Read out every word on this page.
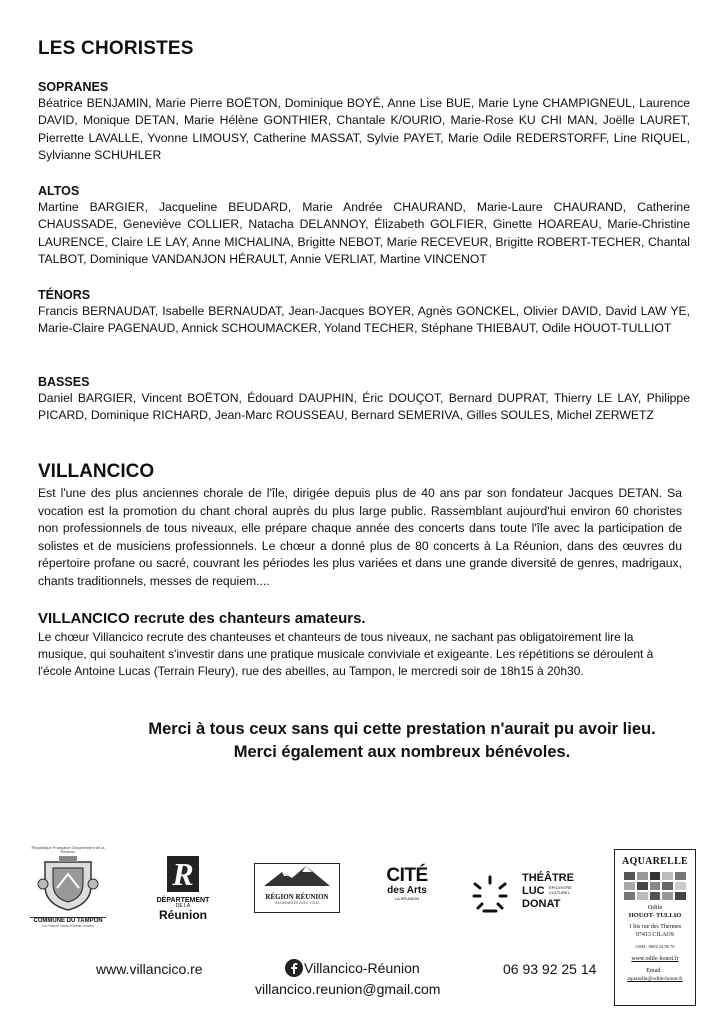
LES CHORISTES
SOPRANES
Béatrice BENJAMIN, Marie Pierre BOËTON, Dominique BOYÉ, Anne Lise BUE, Marie Lyne CHAMPIGNEUL, Laurence DAVID, Monique DETAN, Marie Hélène GONTHIER, Chantale K/OURIO, Marie-Rose KU CHI MAN, Joëlle LAURET, Pierrette LAVALLE, Yvonne LIMOUSY, Catherine MASSAT, Sylvie PAYET, Marie Odile REDERSTORFF, Line RIQUEL, Sylvianne SCHUHLER
ALTOS
Martine BARGIER, Jacqueline BEUDARD, Marie Andrée CHAURAND, Marie-Laure CHAURAND, Catherine CHAUSSADE, Geneviève COLLIER, Natacha DELANNOY, Élizabeth GOLFIER, Ginette HOAREAU, Marie-Christine LAURENCE, Claire LE LAY, Anne MICHALINA, Brigitte NEBOT, Marie RECEVEUR, Brigitte ROBERT-TECHER, Chantal TALBOT, Dominique VANDANJON HÉRAULT, Annie VERLIAT, Martine VINCENOT
TÉNORS
Francis BERNAUDAT, Isabelle BERNAUDAT, Jean-Jacques BOYER, Agnès GONCKEL, Olivier DAVID, David LAW YE, Marie-Claire PAGENAUD, Annick SCHOUMACKER, Yoland TECHER, Stéphane THIEBAUT, Odile HOUOT-TULLIOT
BASSES
Daniel BARGIER, Vincent BOËTON, Édouard DAUPHIN, Éric DOUÇOT, Bernard DUPRAT, Thierry LE LAY, Philippe PICARD, Dominique RICHARD, Jean-Marc ROUSSEAU, Bernard SEMERIVA, Gilles SOULES, Michel ZERWETZ
VILLANCICO
Est l'une des plus anciennes chorale de l'île, dirigée depuis plus de 40 ans par son fondateur Jacques DETAN. Sa vocation est la promotion du chant choral auprès du plus large public. Rassemblant aujourd'hui environ 60 choristes non professionnels de tous niveaux, elle prépare chaque année des concerts dans toute l'île avec la participation de solistes et de musiciens professionnels. Le chœur a donné plus de 80 concerts à La Réunion, dans des œuvres du répertoire profane ou sacré, couvrant les périodes les plus variées et dans une grande diversité de genres, madrigaux, chants traditionnels, messes de requiem....
VILLANCICO recrute des chanteurs amateurs.
Le chœur Villancico recrute des chanteuses et chanteurs de tous niveaux, ne sachant pas obligatoirement lire la musique, qui souhaitent s'investir dans une pratique musicale conviviale et exigeante. Les répétitions se déroulent à l'école Antoine Lucas (Terrain Fleury), rue des abeilles, au Tampon, le mercredi soir de 18h15 à 20h30.
Merci à tous ceux sans qui cette prestation n'aurait pu avoir lieu.
Merci également aux nombreux bénévoles.
République Française Département de la Réunion
COMMUNE DU TAMPON
La France dans l'Océan Indien
R
DÉPARTEMENT
DE LA
Réunion
RÉGION RÉUNION
RASSEMBLÉS AVEC VOUS
CITÉ
des Arts
LA RÉUNION
THÉÂTRE
LUC ÉPICENTRE
CULTUREL
DONAT
AQUARELLE
Odile
HOUOT- TULLIO
1 bis rue des Thermes
97413 CILAOS
GSM : 0692 24 96 70
www.odile-houot.fr
Email :
aquarelle@odile-houot.fr
www.villancico.re	Villancico-Réunion	06 93 92 25 14
villancico.reunion@gmail.com
